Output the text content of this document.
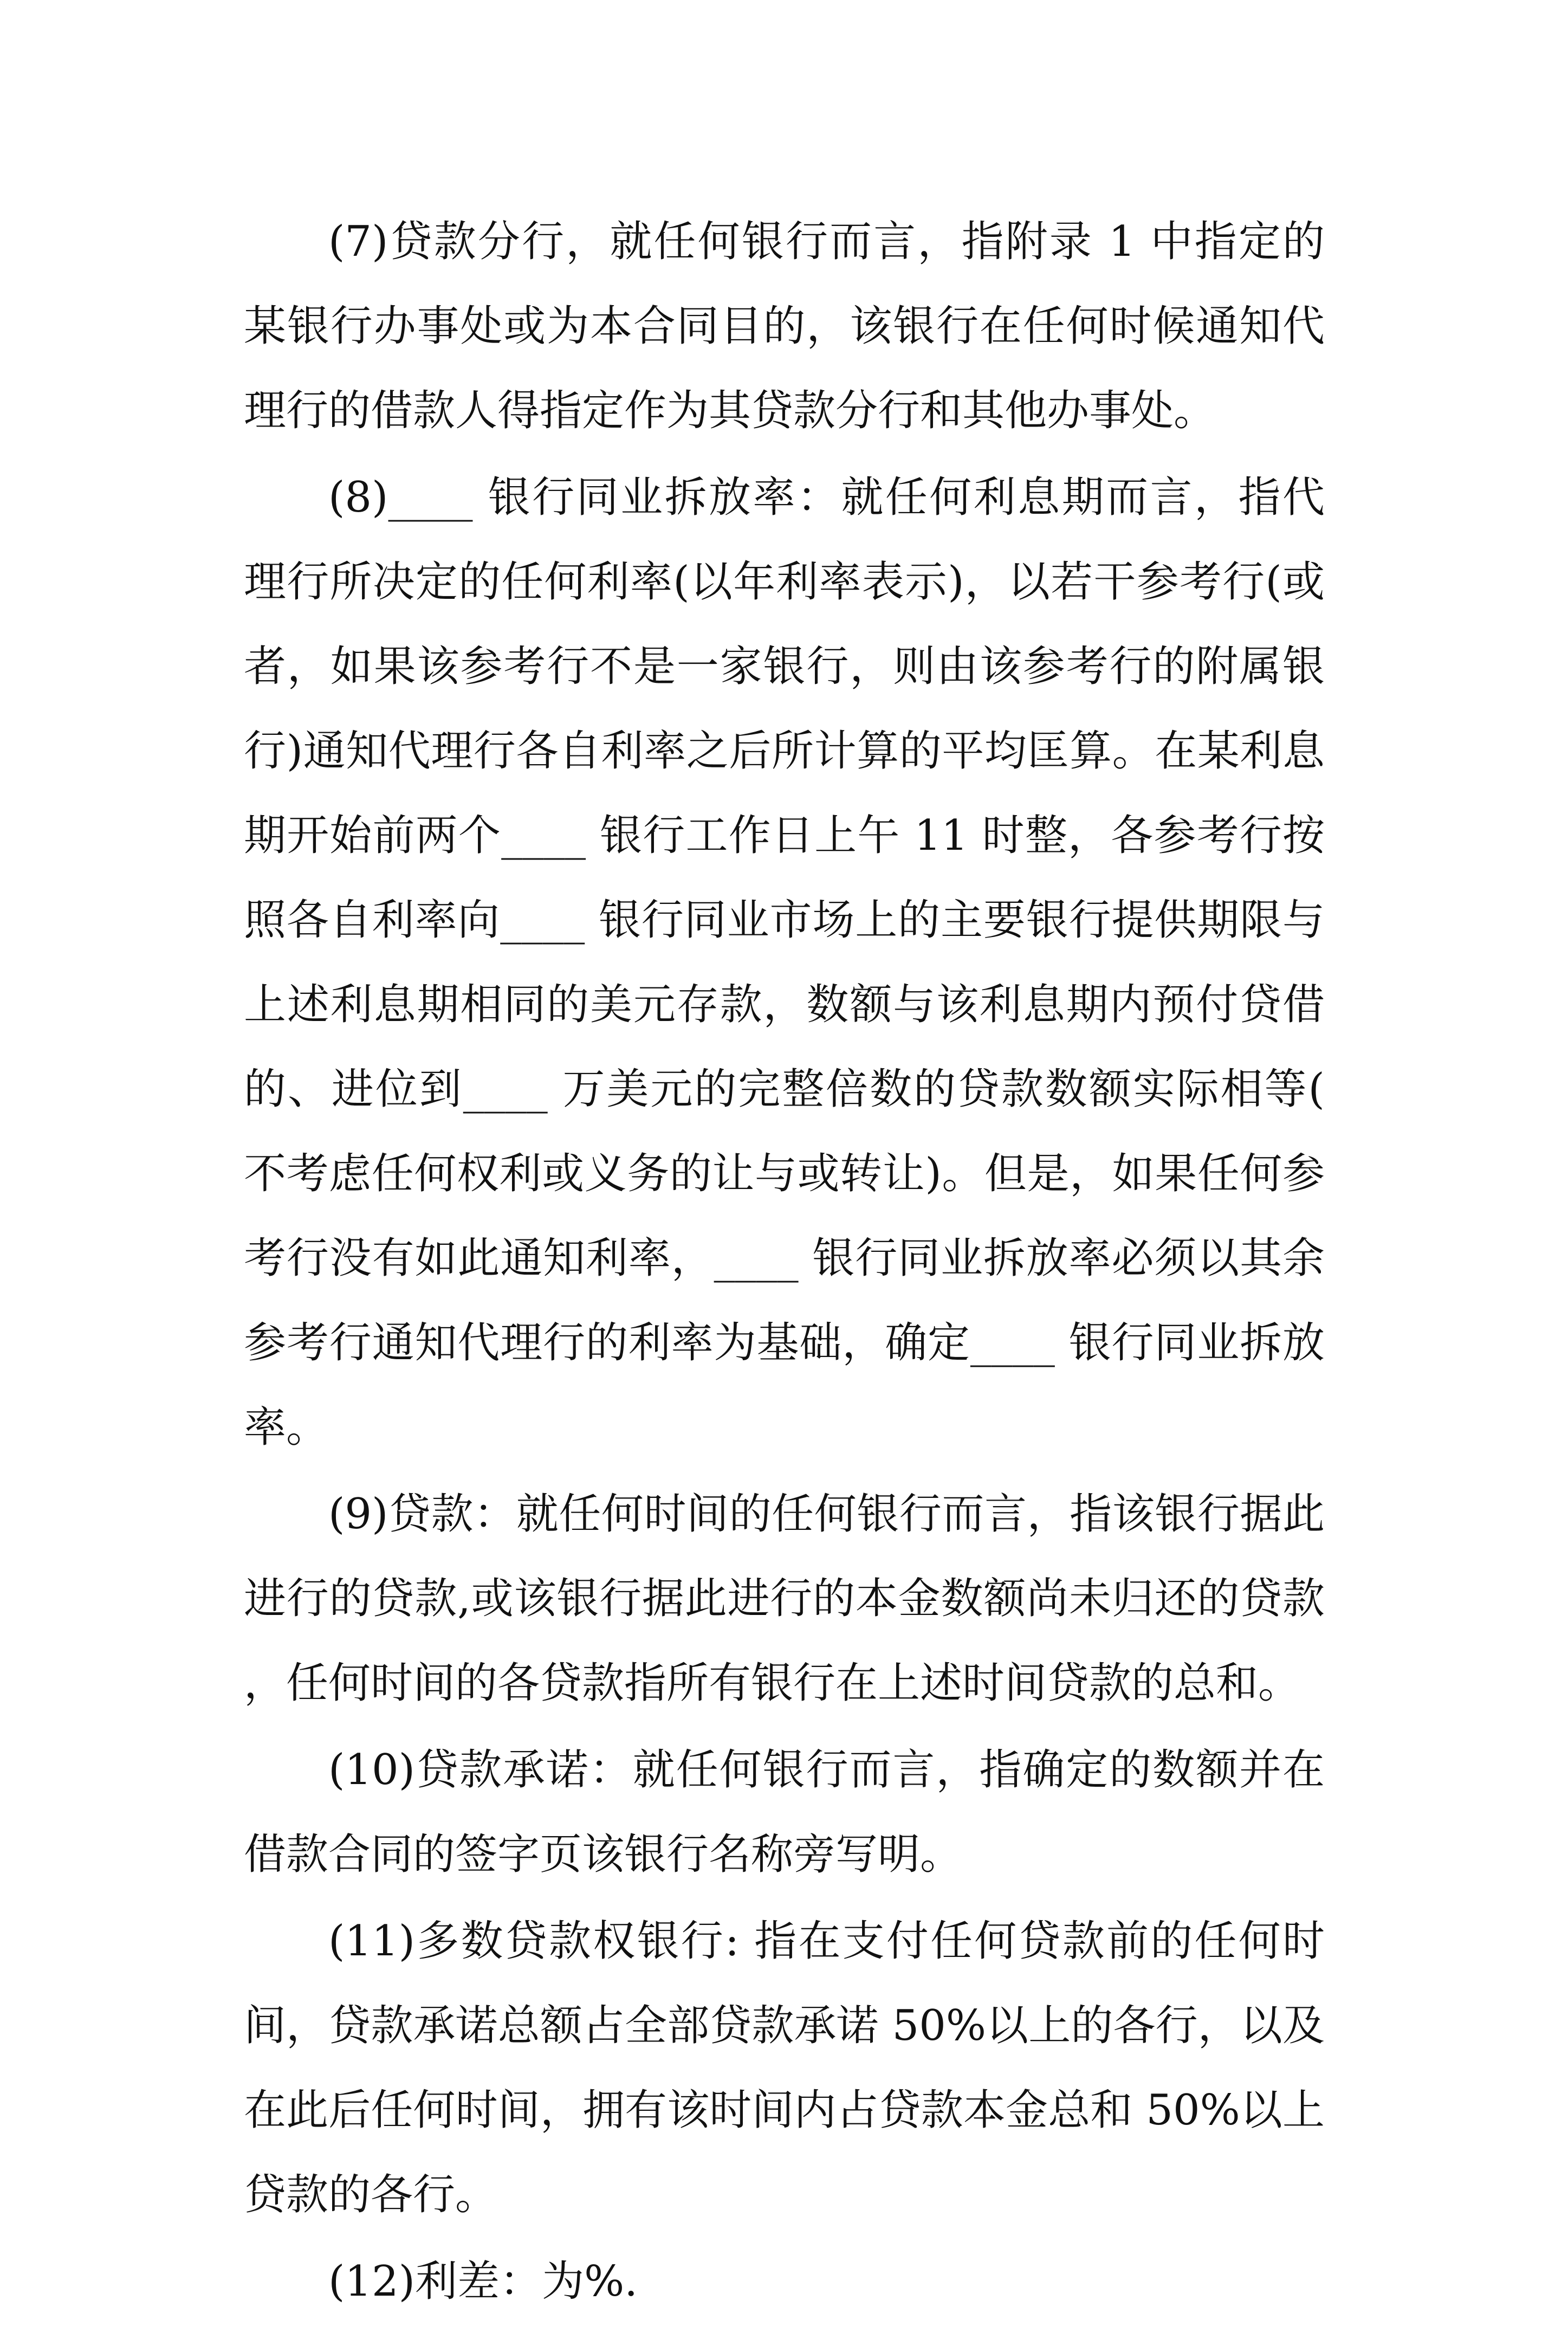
(7)贷款分行，就任何银行而言，指附录 1 中指定的某银行办事处或为本合同目的，该银行在任何时候通知代理行的借款人得指定作为其贷款分行和其他办事处。

(8)____ 银行同业拆放率：就任何利息期而言，指代理行所决定的任何利率(以年利率表示)，以若干参考行(或者，如果该参考行不是一家银行，则由该参考行的附属银行)通知代理行各自利率之后所计算的平均匡算。在某利息期开始前两个____ 银行工作日上午 11 时整，各参考行按照各自利率向____ 银行同业市场上的主要银行提供期限与上述利息期相同的美元存款，数额与该利息期内预付贷借的、进位到____ 万美元的完整倍数的贷款数额实际相等(不考虑任何权利或义务的让与或转让)。但是，如果任何参考行没有如此通知利率，____ 银行同业拆放率必须以其余参考行通知代理行的利率为基础，确定____ 银行同业拆放率。

(9)贷款：就任何时间的任何银行而言，指该银行据此进行的贷款,或该银行据此进行的本金数额尚未归还的贷款，任何时间的各贷款指所有银行在上述时间贷款的总和。

(10)贷款承诺：就任何银行而言，指确定的数额并在借款合同的签字页该银行名称旁写明。

(11)多数贷款权银行: 指在支付任何贷款前的任何时间，贷款承诺总额占全部贷款承诺 50%以上的各行，以及在此后任何时间，拥有该时间内占贷款本金总和 50%以上贷款的各行。

(12)利差：为%.
